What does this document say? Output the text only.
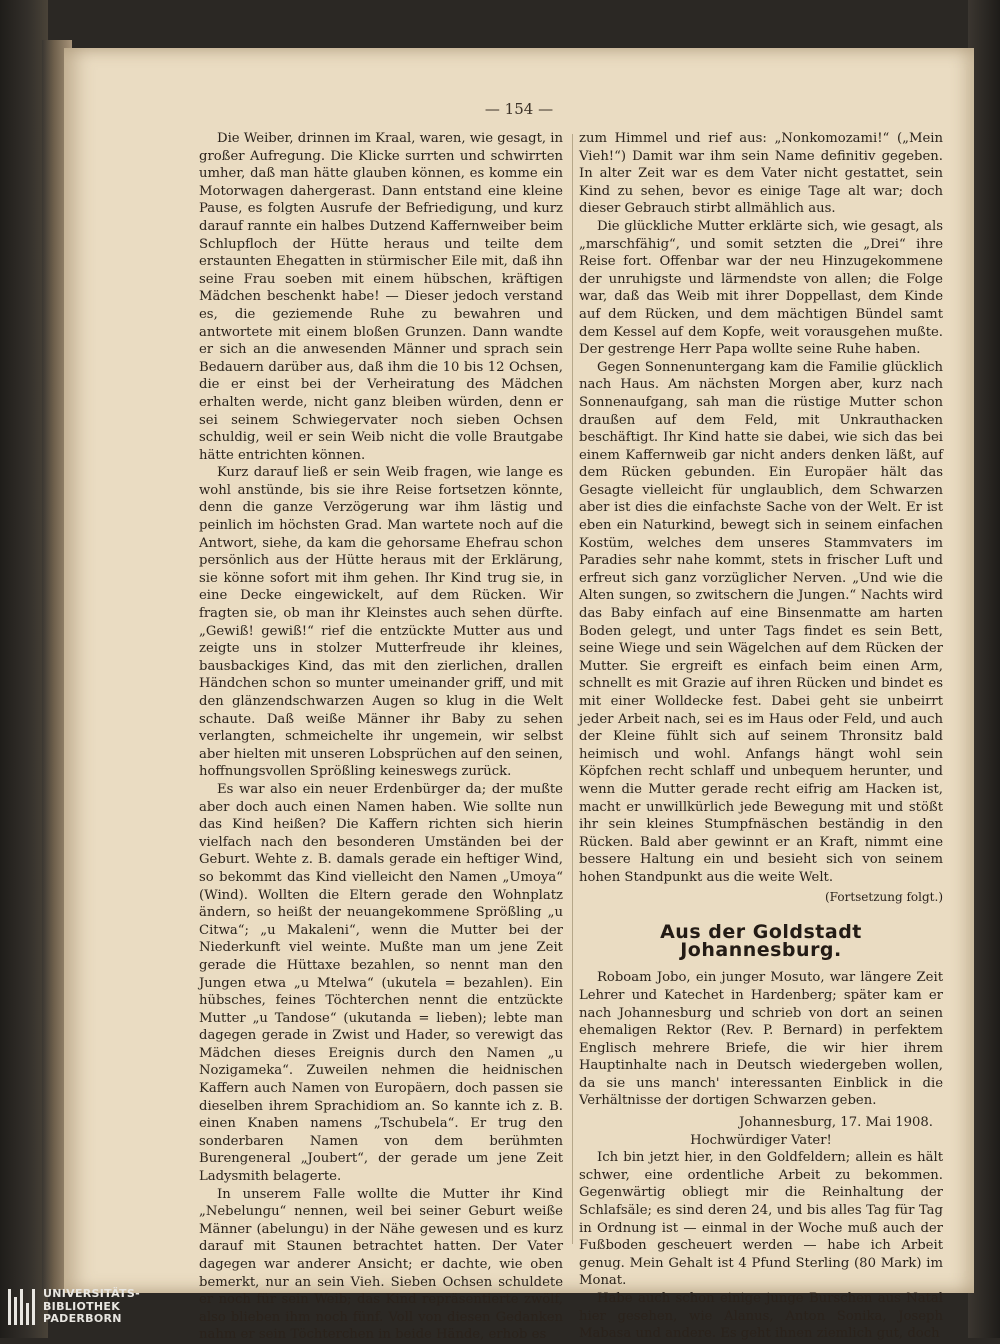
— 154 —

Die Weiber, drinnen im Kraal, waren, wie gesagt, in großer Aufregung. Die Klicke surrten und schwirrten umher, daß man hätte glauben können, es komme ein Motorwagen dahergerast. Dann entstand eine kleine Pause, es folgten Ausrufe der Befriedigung, und kurz darauf rannte ein halbes Dutzend Kaffernweiber beim Schlupfloch der Hütte heraus und teilte dem erstaunten Ehegatten in stürmischer Eile mit, daß ihn seine Frau soeben mit einem hübschen, kräftigen Mädchen beschenkt habe! — Dieser jedoch verstand es, die geziemende Ruhe zu bewahren und antwortete mit einem bloßen Grunzen. Dann wandte er sich an die anwesenden Männer und sprach sein Bedauern darüber aus, daß ihm die 10 bis 12 Ochsen, die er einst bei der Verheiratung des Mädchen erhalten werde, nicht ganz bleiben würden, denn er sei seinem Schwiegervater noch sieben Ochsen schuldig, weil er sein Weib nicht die volle Brautgabe hätte entrichten können.

Kurz darauf ließ er sein Weib fragen, wie lange es wohl anstünde, bis sie ihre Reise fortsetzen könnte, denn die ganze Verzögerung war ihm lästig und peinlich im höchsten Grad. Man wartete noch auf die Antwort, siehe, da kam die gehorsame Ehefrau schon persönlich aus der Hütte heraus mit der Erklärung, sie könne sofort mit ihm gehen. Ihr Kind trug sie, in eine Decke eingewickelt, auf dem Rücken. Wir fragten sie, ob man ihr Kleinstes auch sehen dürfte. „Gewiß! gewiß!“ rief die entzückte Mutter aus und zeigte uns in stolzer Mutterfreude ihr kleines, bausbackiges Kind, das mit den zierlichen, drallen Händchen schon so munter umeinander griff, und mit den glänzendschwarzen Augen so klug in die Welt schaute. Daß weiße Männer ihr Baby zu sehen verlangten, schmeichelte ihr ungemein, wir selbst aber hielten mit unseren Lobsprüchen auf den seinen, hoffnungsvollen Sprößling keineswegs zurück.

Es war also ein neuer Erdenbürger da; der mußte aber doch auch einen Namen haben. Wie sollte nun das Kind heißen? Die Kaffern richten sich hierin vielfach nach den besonderen Umständen bei der Geburt. Wehte z. B. damals gerade ein heftiger Wind, so bekommt das Kind vielleicht den Namen „Umoya“ (Wind). Wollten die Eltern gerade den Wohnplatz ändern, so heißt der neuangekommene Sprößling „u Citwa“; „u Makaleni“, wenn die Mutter bei der Niederkunft viel weinte. Mußte man um jene Zeit gerade die Hüttaxe bezahlen, so nennt man den Jungen etwa „u Mtelwa“ (ukutela = bezahlen). Ein hübsches, feines Töchterchen nennt die entzückte Mutter „u Tandose“ (ukutanda = lieben); lebte man dagegen gerade in Zwist und Hader, so verewigt das Mädchen dieses Ereignis durch den Namen „u Nozigameka“. Zuweilen nehmen die heidnischen Kaffern auch Namen von Europäern, doch passen sie dieselben ihrem Sprachidiom an. So kannte ich z. B. einen Knaben namens „Tschubela“. Er trug den sonderbaren Namen von dem berühmten Burengeneral „Joubert“, der gerade um jene Zeit Ladysmith belagerte.

In unserem Falle wollte die Mutter ihr Kind „Nebelungu“ nennen, weil bei seiner Geburt weiße Männer (abelungu) in der Nähe gewesen und es kurz darauf mit Staunen betrachtet hatten. Der Vater dagegen war anderer Ansicht; er dachte, wie oben bemerkt, nur an sein Vieh. Sieben Ochsen schuldete er noch für sein Weib; das Kind repräsentierte zwölf, also blieben ihm noch fünf. Voll von diesen Gedanken nahm er sein Töchterchen in beide Hände, erhob es

zum Himmel und rief aus: „Nonkomozami!“ („Mein Vieh!“) Damit war ihm sein Name definitiv gegeben. In alter Zeit war es dem Vater nicht gestattet, sein Kind zu sehen, bevor es einige Tage alt war; doch dieser Gebrauch stirbt allmählich aus.

Die glückliche Mutter erklärte sich, wie gesagt, als „marschfähig“, und somit setzten die „Drei“ ihre Reise fort. Offenbar war der neu Hinzugekommene der unruhigste und lärmendste von allen; die Folge war, daß das Weib mit ihrer Doppellast, dem Kinde auf dem Rücken, und dem mächtigen Bündel samt dem Kessel auf dem Kopfe, weit vorausgehen mußte. Der gestrenge Herr Papa wollte seine Ruhe haben.

Gegen Sonnenuntergang kam die Familie glücklich nach Haus. Am nächsten Morgen aber, kurz nach Sonnenaufgang, sah man die rüstige Mutter schon draußen auf dem Feld, mit Unkrauthacken beschäftigt. Ihr Kind hatte sie dabei, wie sich das bei einem Kaffernweib gar nicht anders denken läßt, auf dem Rücken gebunden. Ein Europäer hält das Gesagte vielleicht für unglaublich, dem Schwarzen aber ist dies die einfachste Sache von der Welt. Er ist eben ein Naturkind, bewegt sich in seinem einfachen Kostüm, welches dem unseres Stammvaters im Paradies sehr nahe kommt, stets in frischer Luft und erfreut sich ganz vorzüglicher Nerven. „Und wie die Alten sungen, so zwitschern die Jungen.“ Nachts wird das Baby einfach auf eine Binsenmatte am harten Boden gelegt, und unter Tags findet es sein Bett, seine Wiege und sein Wägelchen auf dem Rücken der Mutter. Sie ergreift es einfach beim einen Arm, schnellt es mit Grazie auf ihren Rücken und bindet es mit einer Wolldecke fest. Dabei geht sie unbeirrt jeder Arbeit nach, sei es im Haus oder Feld, und auch der Kleine fühlt sich auf seinem Thronsitz bald heimisch und wohl. Anfangs hängt wohl sein Köpfchen recht schlaff und unbequem herunter, und wenn die Mutter gerade recht eifrig am Hacken ist, macht er unwillkürlich jede Bewegung mit und stößt ihr sein kleines Stumpfnäschen beständig in den Rücken. Bald aber gewinnt er an Kraft, nimmt eine bessere Haltung ein und besieht sich von seinem hohen Standpunkt aus die weite Welt.

(Fortsetzung folgt.)
Aus der Goldstadt Johannesburg.

Roboam Jobo, ein junger Mosuto, war längere Zeit Lehrer und Katechet in Hardenberg; später kam er nach Johannesburg und schrieb von dort an seinen ehemaligen Rektor (Rev. P. Bernard) in perfektem Englisch mehrere Briefe, die wir hier ihrem Hauptinhalte nach in Deutsch wiedergeben wollen, da sie uns manch' interessanten Einblick in die Verhältnisse der dortigen Schwarzen geben.

Johannesburg, 17. Mai 1908.
Hochwürdiger Vater!

Ich bin jetzt hier, in den Goldfeldern; allein es hält schwer, eine ordentliche Arbeit zu bekommen. Gegenwärtig obliegt mir die Reinhaltung der Schlafsäle; es sind deren 24, und bis alles Tag für Tag in Ordnung ist — einmal in der Woche muß auch der Fußboden gescheuert werden — habe ich Arbeit genug. Mein Gehalt ist 4 Pfund Sterling (80 Mark) im Monat.

Habe auch schon einige junge Burschen aus Natal hier gesehen, wie Alanus, Anton Sonika, Joseph Mabasa und andere. Es geht ihnen ziemlich gut, doch

UNIVERSITÄTS-
BIBLIOTHEK
PADERBORN
